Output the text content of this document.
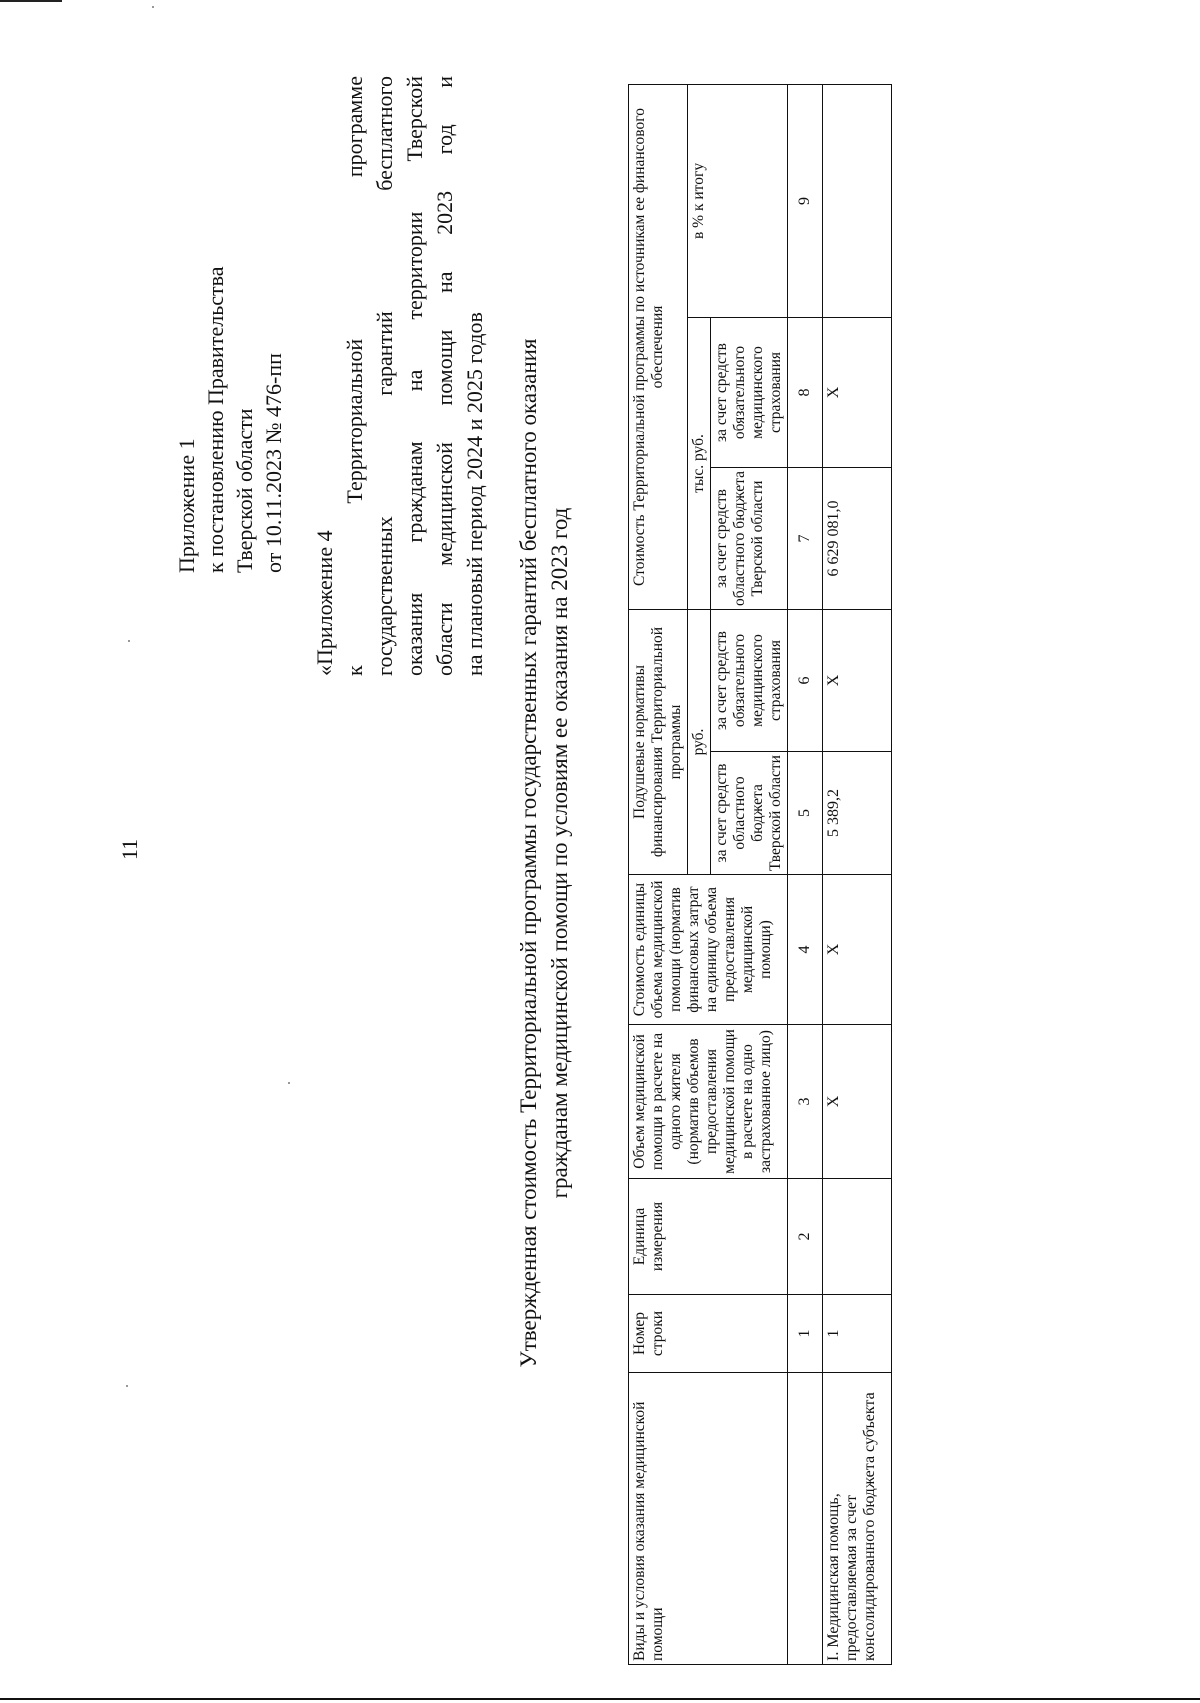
11
Приложение 1 к постановлению Правительства Тверской области от 10.11.2023 № 476-пп
«Приложение 4 к Территориальной программе государственных гарантий бесплатного оказания гражданам на территории Тверской области медицинской помощи на 2023 год и на плановый период 2024 и 2025 годов Утвержденная стоимость Территориальной программы государственных гарантий бесплатного оказания гражданам медицинской помощи по условиям ее оказания на 2023 год
Виды и условия оказания медицинской помощи	Номер строки	Единица измерения	Объем медицинской помощи в расчете на одного жителя (норматив объемов предоставления медицинской помощи в расчете на одно застрахованное лицо)	Стоимость единицы объема медицинской помощи (норматив финансовых затрат на единицу объема предоставления медицинской помощи)	Подушевые нормативы финансирования Территориальной программы		Стоимость Территориальной программы по источникам ее финансового обеспечения		
					руб.		тыс. руб.		в % к итогу
					за счет средств областного бюджета Тверской области	за счет средств обязательного медицинского страхования	за счет средств областного бюджета Тверской области	за счет средств обязательного медицинского страхования	
	1	2	3	4	5	6	7	8	9
I. Медицинская помощь, предоставляемая за счет консолидированного бюджета субъекта	1		X	X	5 389,2	X	6 629 081,0	X	
